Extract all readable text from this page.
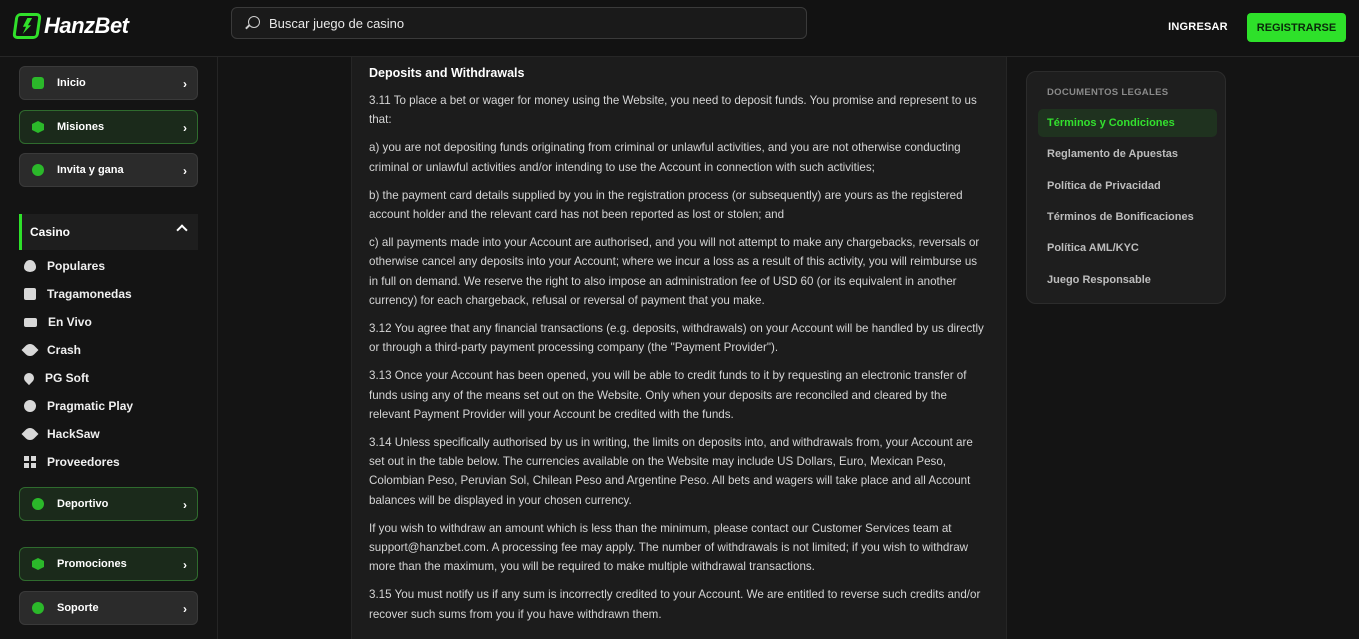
HanzBet
Buscar juego de casino	INGRESAR	REGISTRARSE
Inicio	›
Misiones	›
Invita y gana	›
Casino
Populares
Tragamonedas
En Vivo
Crash
PG Soft
Pragmatic Play
HackSaw
Proveedores
Deportivo	›
Promociones	›
Soporte	›
Deposits and Withdrawals

3.11 To place a bet or wager for money using the Website, you need to deposit funds. You promise and represent to us that:

a) you are not depositing funds originating from criminal or unlawful activities, and you are not otherwise conducting criminal or unlawful activities and/or intending to use the Account in connection with such activities;

b) the payment card details supplied by you in the registration process (or subsequently) are yours as the registered account holder and the relevant card has not been reported as lost or stolen; and

c) all payments made into your Account are authorised, and you will not attempt to make any chargebacks, reversals or otherwise cancel any deposits into your Account; where we incur a loss as a result of this activity, you will reimburse us in full on demand. We reserve the right to also impose an administration fee of USD 60 (or its equivalent in another currency) for each chargeback, refusal or reversal of payment that you make.

3.12 You agree that any financial transactions (e.g. deposits, withdrawals) on your Account will be handled by us directly or through a third-party payment processing company (the "Payment Provider").

3.13 Once your Account has been opened, you will be able to credit funds to it by requesting an electronic transfer of funds using any of the means set out on the Website. Only when your deposits are reconciled and cleared by the relevant Payment Provider will your Account be credited with the funds.

3.14 Unless specifically authorised by us in writing, the limits on deposits into, and withdrawals from, your Account are set out in the table below. The currencies available on the Website may include US Dollars, Euro, Mexican Peso, Colombian Peso, Peruvian Sol, Chilean Peso and Argentine Peso. All bets and wagers will take place and all Account balances will be displayed in your chosen currency.

If you wish to withdraw an amount which is less than the minimum, please contact our Customer Services team at support@hanzbet.com. A processing fee may apply. The number of withdrawals is not limited; if you wish to withdraw more than the maximum, you will be required to make multiple withdrawal transactions.

3.15 You must notify us if any sum is incorrectly credited to your Account. We are entitled to reverse such credits and/or recover such sums from you if you have withdrawn them.

DOCUMENTOS LEGALES
Términos y Condiciones
Reglamento de Apuestas
Política de Privacidad
Términos de Bonificaciones
Política AML/KYC
Juego Responsable
